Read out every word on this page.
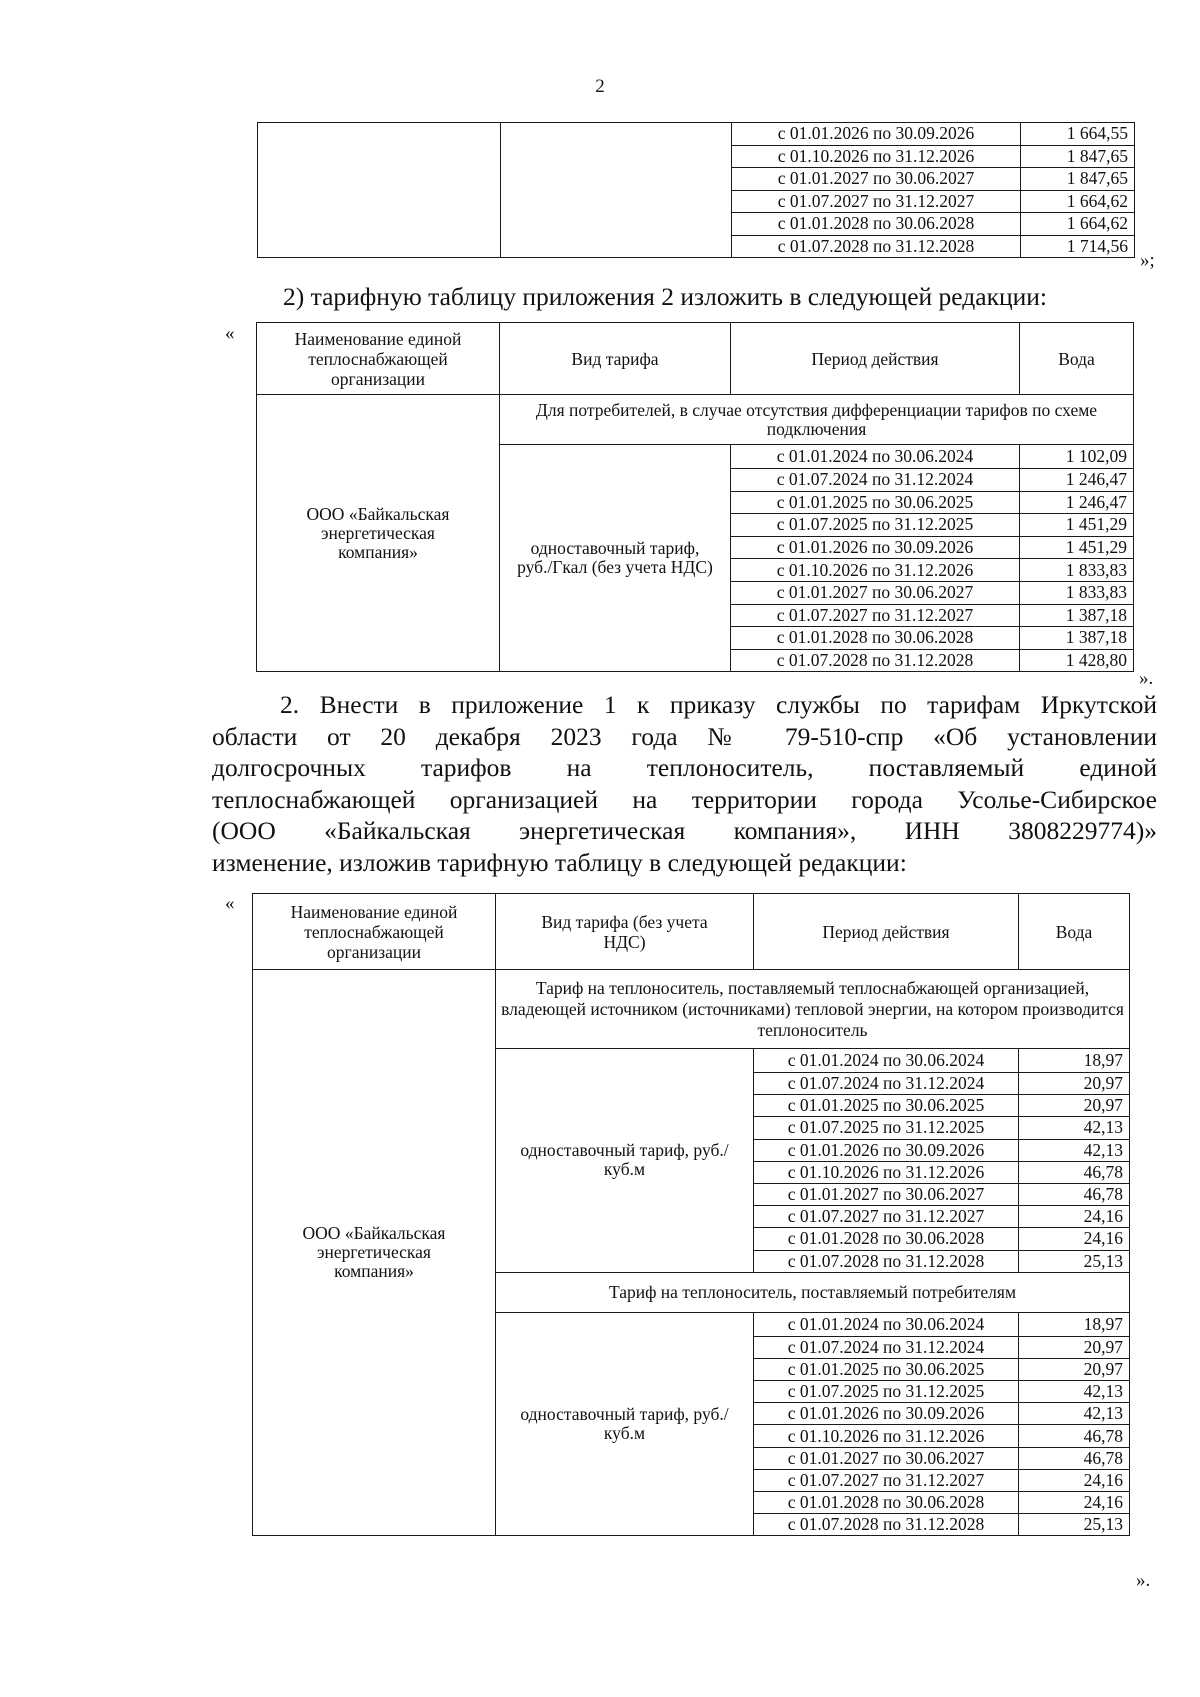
2
		с 01.01.2026 по 30.09.2026	1 664,55
		с 01.10.2026 по 31.12.2026	1 847,65
		с 01.01.2027 по 30.06.2027	1 847,65
		с 01.07.2027 по 31.12.2027	1 664,62
		с 01.01.2028 по 30.06.2028	1 664,62
		с 01.07.2028 по 31.12.2028	1 714,56
»;
2) тарифную таблицу приложения 2 изложить в следующей редакции:
«	Наименование единой теплоснабжающей организации	Вид тарифа	Период действия	Вода
ООО «Байкальская энергетическая компания»	Для потребителей, в случае отсутствия дифференциации тарифов по схеме подключения		
	одноставочный тариф, руб./Гкал (без учета НДС)	с 01.01.2024 по 30.06.2024	1 102,09
		с 01.07.2024 по 31.12.2024	1 246,47
		с 01.01.2025 по 30.06.2025	1 246,47
		с 01.07.2025 по 31.12.2025	1 451,29
		с 01.01.2026 по 30.09.2026	1 451,29
		с 01.10.2026 по 31.12.2026	1 833,83
		с 01.01.2027 по 30.06.2027	1 833,83
		с 01.07.2027 по 31.12.2027	1 387,18
		с 01.01.2028 по 30.06.2028	1 387,18
		с 01.07.2028 по 31.12.2028	1 428,80
».
2. Внести в приложение 1 к приказу службы по тарифам Иркутской
области от 20 декабря 2023 года № 79-510-спр «Об установлении
долгосрочных тарифов на теплоноситель, поставляемый единой
теплоснабжающей организацией на территории города Усолье-Сибирское
(ООО «Байкальская энергетическая компания», ИНН 3808229774)»
изменение, изложив тарифную таблицу в следующей редакции:
«	Наименование единой теплоснабжающей организации	Вид тарифа (без учета НДС)	Период действия	Вода
ООО «Байкальская энергетическая компания»	Тариф на теплоноситель, поставляемый теплоснабжающей организацией, владеющей источником (источниками) тепловой энергии, на котором производится теплоноситель		
	одноставочный тариф, руб./куб.м	с 01.01.2024 по 30.06.2024	18,97
		с 01.07.2024 по 31.12.2024	20,97
		с 01.01.2025 по 30.06.2025	20,97
		с 01.07.2025 по 31.12.2025	42,13
		с 01.01.2026 по 30.09.2026	42,13
		с 01.10.2026 по 31.12.2026	46,78
		с 01.01.2027 по 30.06.2027	46,78
		с 01.07.2027 по 31.12.2027	24,16
		с 01.01.2028 по 30.06.2028	24,16
		с 01.07.2028 по 31.12.2028	25,13
	Тариф на теплоноситель, поставляемый потребителям		
	одноставочный тариф, руб./куб.м	с 01.01.2024 по 30.06.2024	18,97
		с 01.07.2024 по 31.12.2024	20,97
		с 01.01.2025 по 30.06.2025	20,97
		с 01.07.2025 по 31.12.2025	42,13
		с 01.01.2026 по 30.09.2026	42,13
		с 01.10.2026 по 31.12.2026	46,78
		с 01.01.2027 по 30.06.2027	46,78
		с 01.07.2027 по 31.12.2027	24,16
		с 01.01.2028 по 30.06.2028	24,16
		с 01.07.2028 по 31.12.2028	25,13
».
